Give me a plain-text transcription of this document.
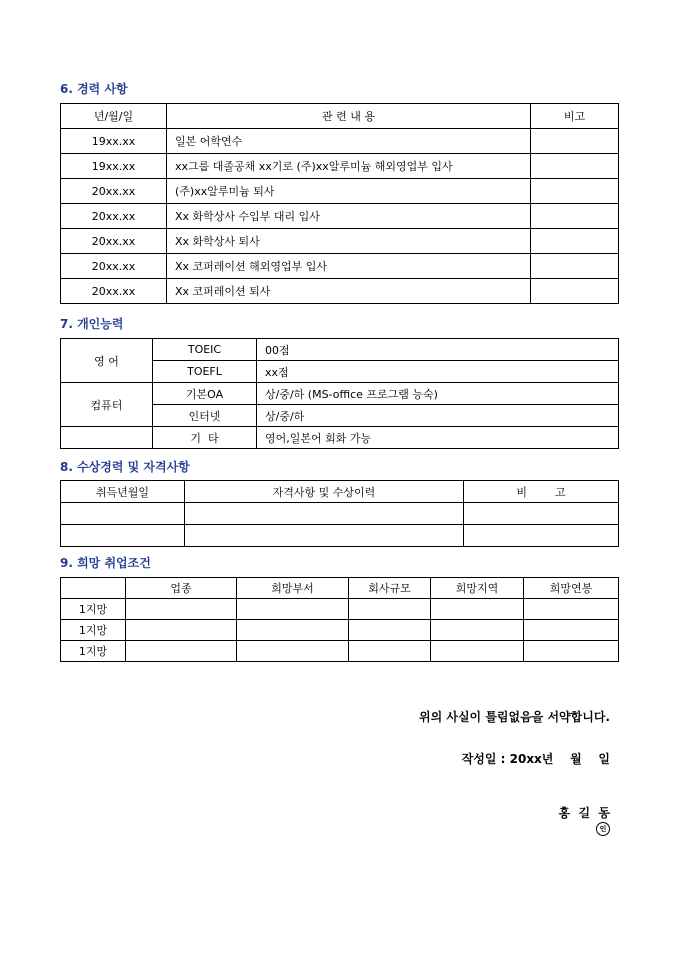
6. 경력 사항
년/월/일	관 련 내 용	비고
19xx.xx	일본 어학연수	
19xx.xx	xx그룹 대졸공채 xx기로 (주)xx알루미늄 해외영업부 입사	
20xx.xx	(주)xx알루미늄 퇴사	
20xx.xx	Xx 화학상사 수입부 대리 입사	
20xx.xx	Xx 화학상사 퇴사	
20xx.xx	Xx 코퍼레이션 해외영업부 입사	
20xx.xx	Xx 코퍼레이션 퇴사	
7. 개인능력
영 어	TOEIC	00점
	TOEFL	xx점
컴퓨터	기본OA	상/중/하 (MS-office 프로그램 능숙)
	인터넷	상/중/하
	기  타	영어,일본어 회화 가능
8. 수상경력 및 자격사항
취득년월일	자격사항 및 수상이력	비        고

9. 희망 취업조건
	업종	희망부서	회사규모	희망지역	희망연봉
1지망					
1지망					
1지망					
위의 사실이 틀림없음을 서약합니다.
작성일 : 20xx년    월    일

홍  길  동
인
